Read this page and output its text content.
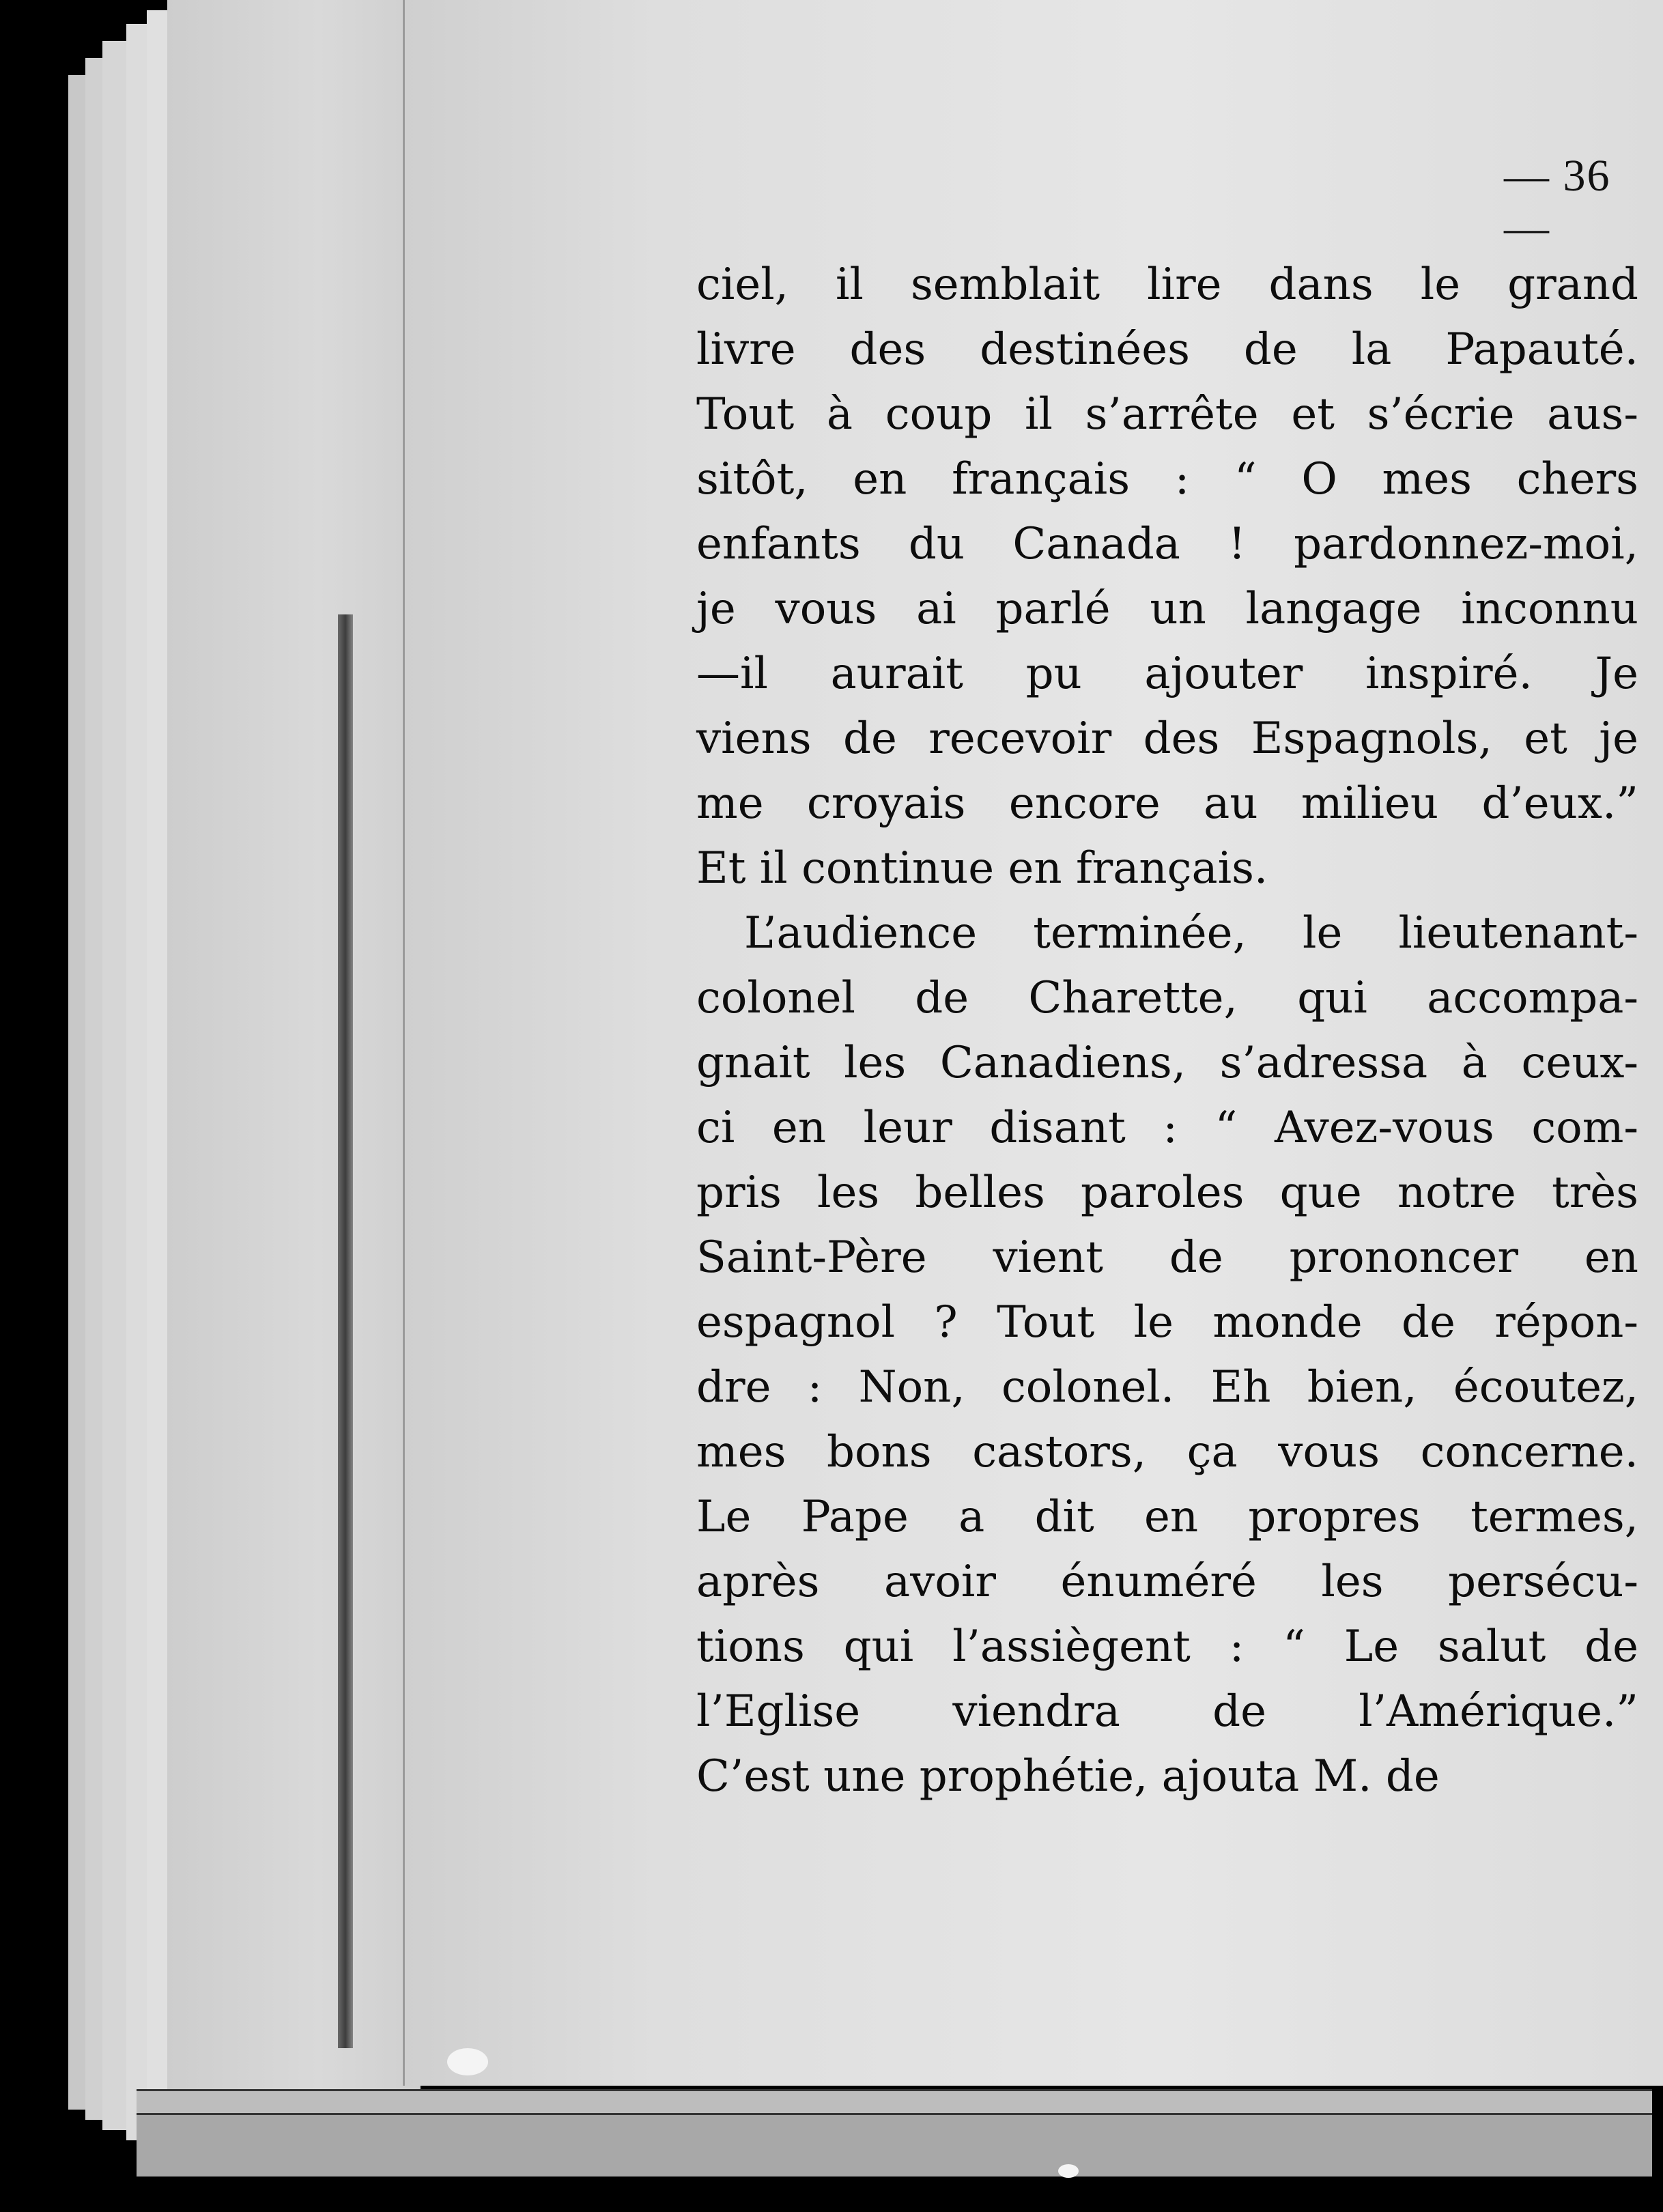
— 36 —
ciel, il semblait lire dans le grand
livre des destinées de la Papauté.
Tout à coup il s’arrête et s’écrie aus-
sitôt, en français : “ O mes chers
enfants du Canada ! pardonnez-moi,
je vous ai parlé un langage inconnu
—il aurait pu ajouter inspiré. Je
viens de recevoir des Espagnols, et je
me croyais encore au milieu d’eux.”
Et il continue en français.
L’audience terminée, le lieutenant-
colonel de Charette, qui accompa-
gnait les Canadiens, s’adressa à ceux-
ci en leur disant : “ Avez-vous com-
pris les belles paroles que notre très
Saint-Père vient de prononcer en
espagnol ? Tout le monde de répon-
dre : Non, colonel. Eh bien, écoutez,
mes bons castors, ça vous concerne.
Le Pape a dit en propres termes,
après avoir énuméré les persécu-
tions qui l’assiègent : “ Le salut de
l’Eglise viendra de l’Amérique.”
C’est une prophétie, ajouta M. de
